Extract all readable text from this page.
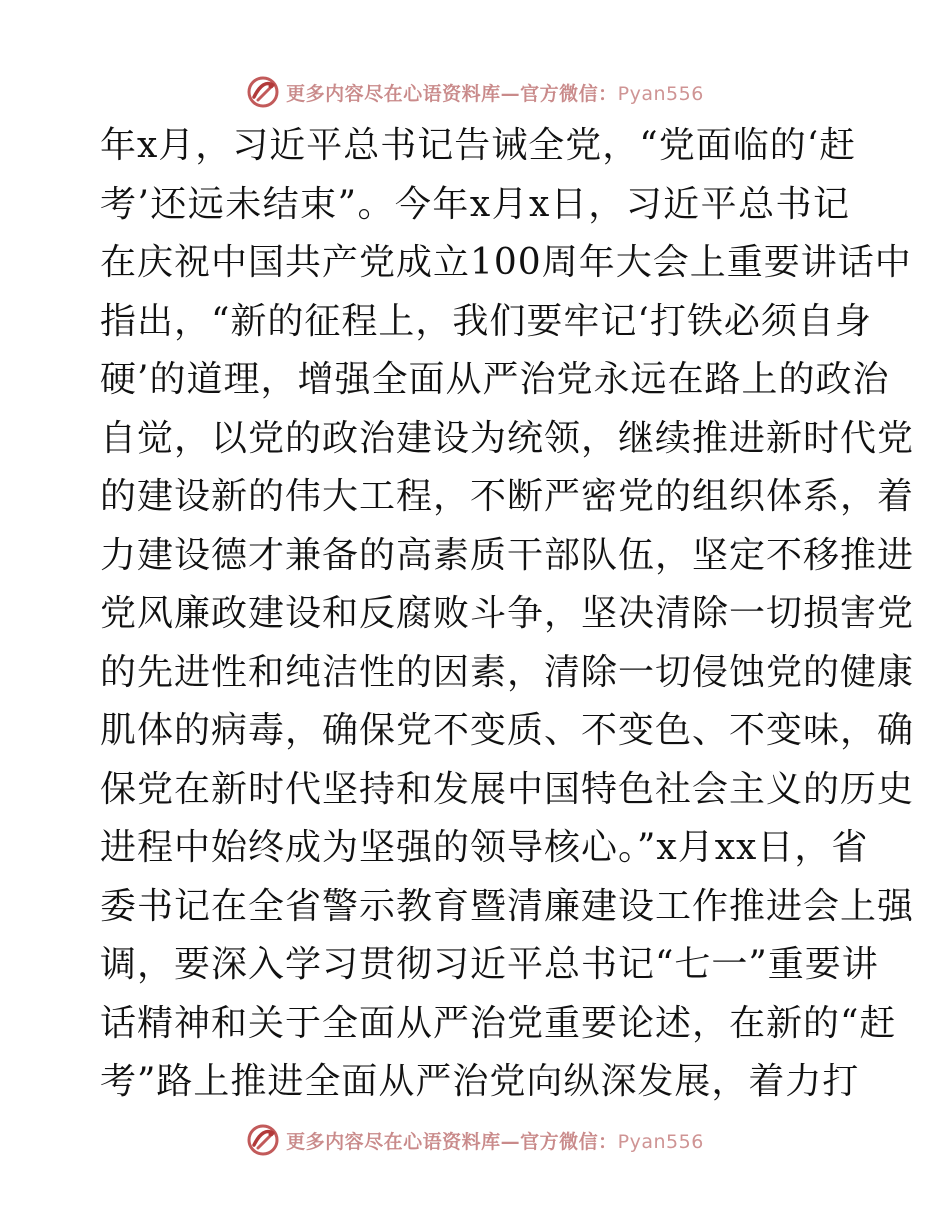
更多内容尽在心语资料库—官方微信：Pyan556
年x月，习近平总书记告诫全党，“党面临的‘赶
考’还远未结束”。今年x月x日，习近平总书记
在庆祝中国共产党成立100周年大会上重要讲话中
指出，“新的征程上，我们要牢记‘打铁必须自身
硬’的道理，增强全面从严治党永远在路上的政治
自觉，以党的政治建设为统领，继续推进新时代党
的建设新的伟大工程，不断严密党的组织体系，着
力建设德才兼备的高素质干部队伍，坚定不移推进
党风廉政建设和反腐败斗争，坚决清除一切损害党
的先进性和纯洁性的因素，清除一切侵蚀党的健康
肌体的病毒，确保党不变质、不变色、不变味，确
保党在新时代坚持和发展中国特色社会主义的历史
进程中始终成为坚强的领导核心。”x月xx日，省
委书记在全省警示教育暨清廉建设工作推进会上强
调，要深入学习贯彻习近平总书记“七一”重要讲
话精神和关于全面从严治党重要论述，在新的“赶
考”路上推进全面从严治党向纵深发展，着力打
更多内容尽在心语资料库—官方微信：Pyan556
